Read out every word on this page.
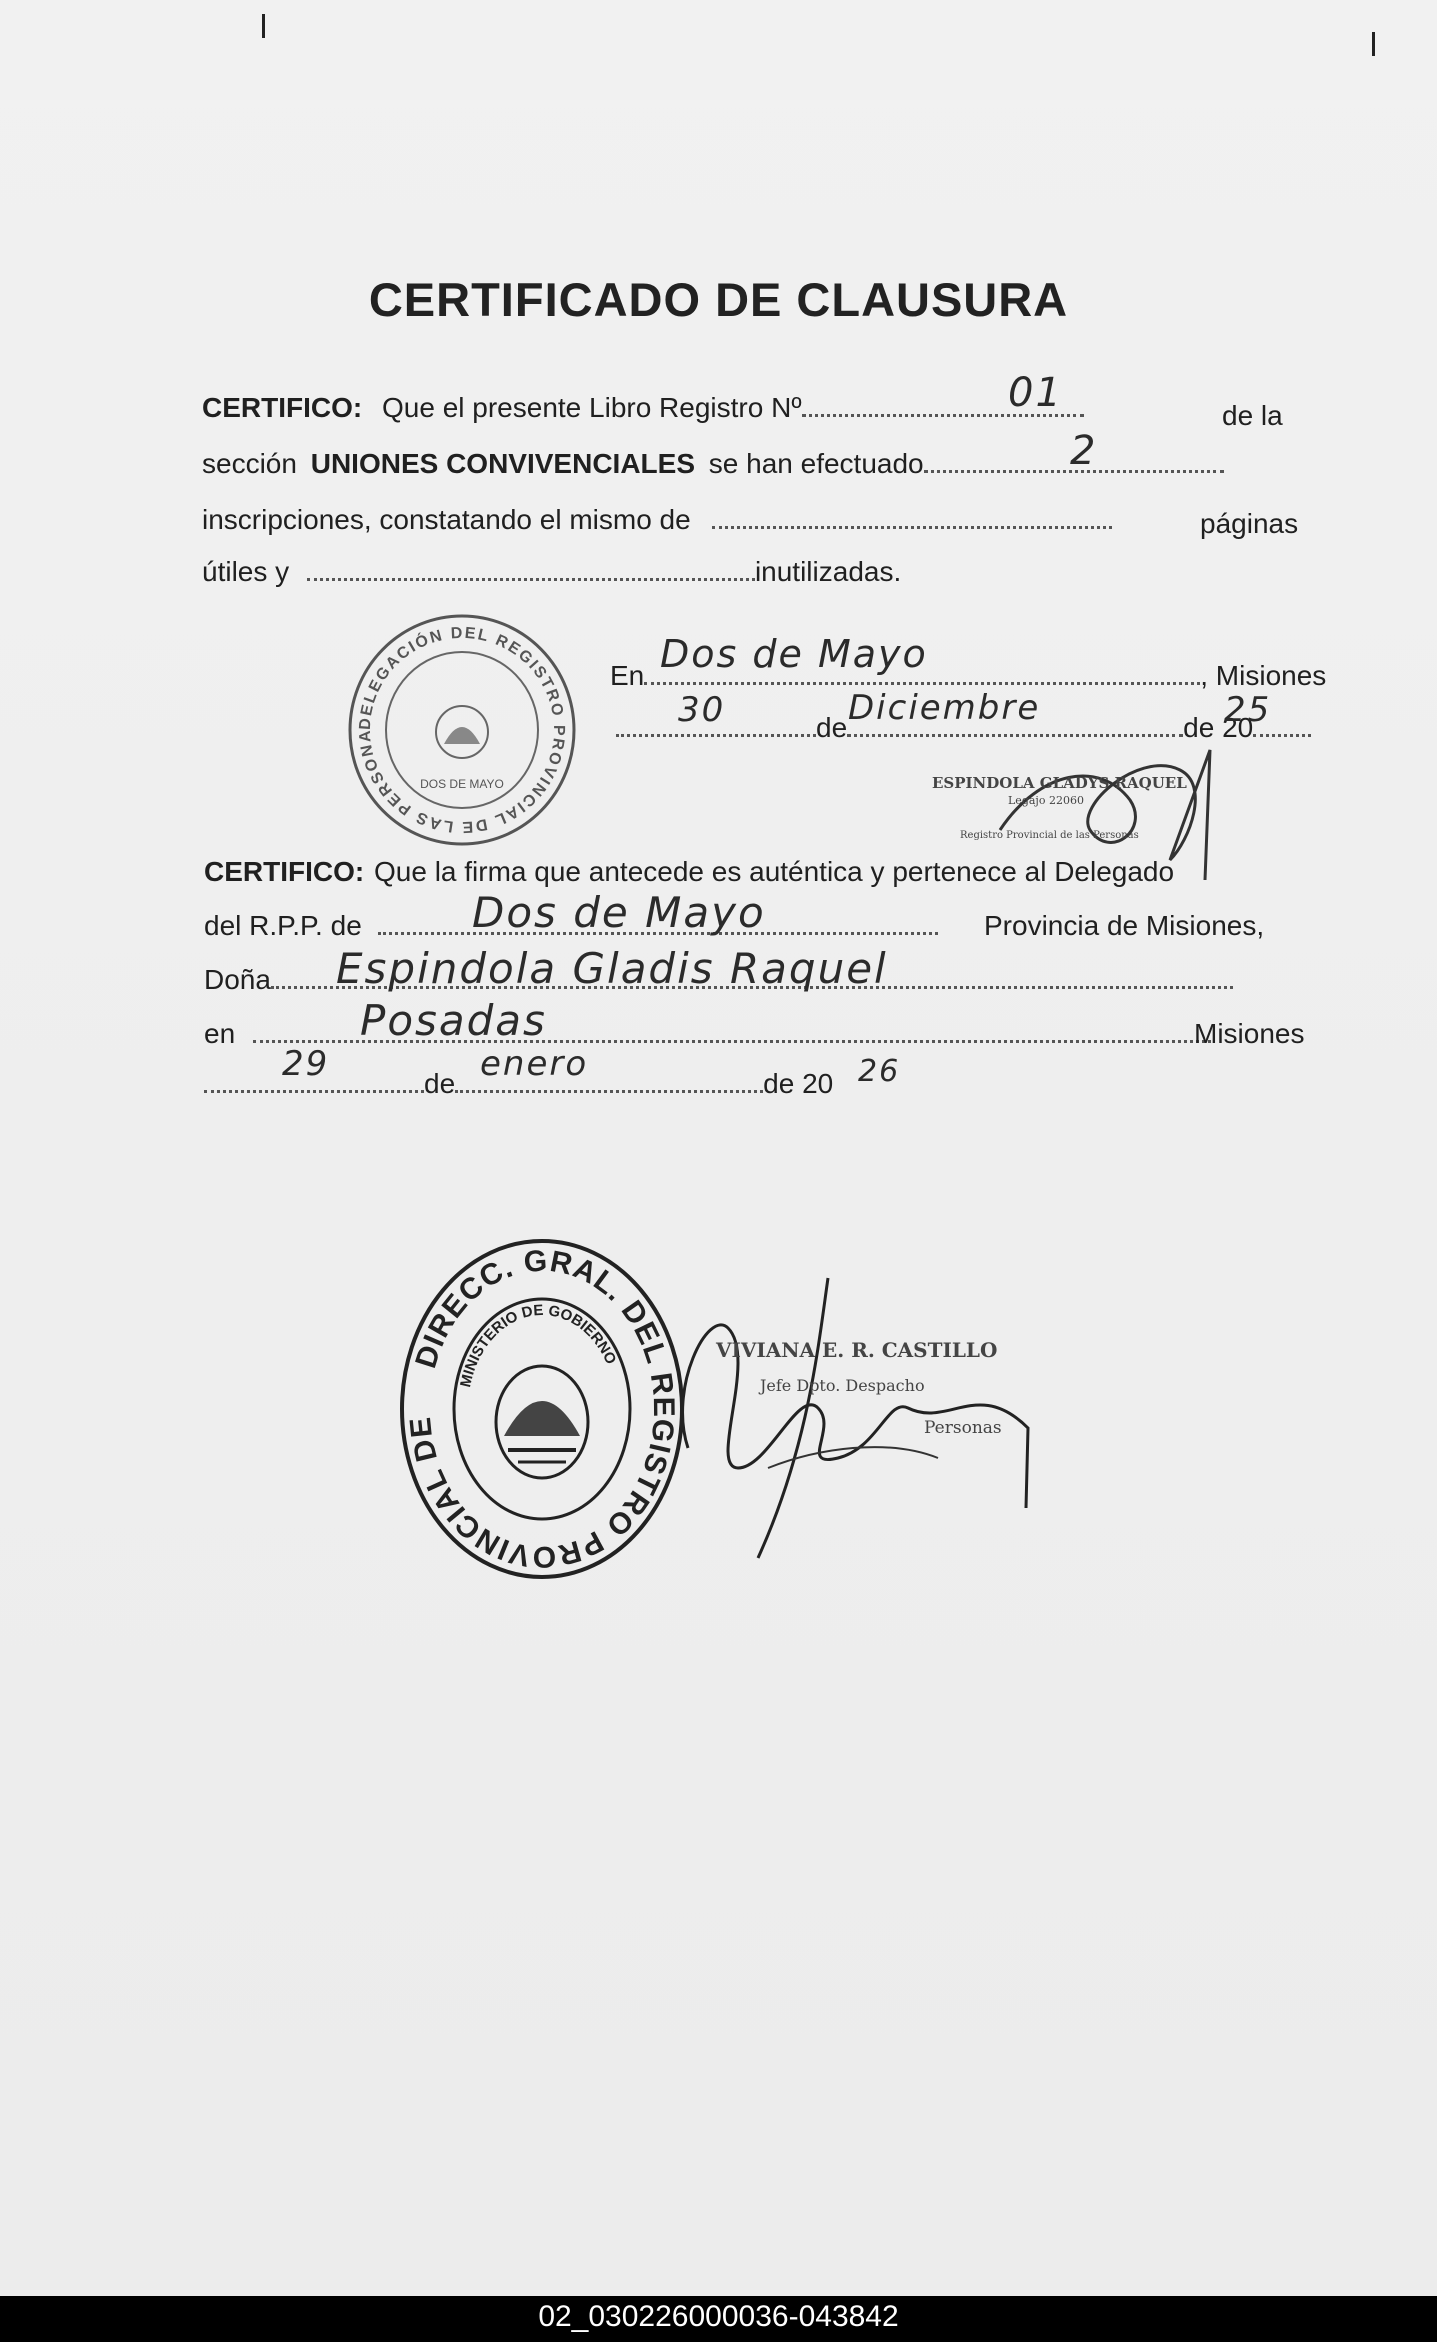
CERTIFICADO DE CLAUSURA
CERTIFICO: Que el presente Libro Registro Nº	de la
01
sección UNIONES CONVIVENCIALES se han efectuado	2
inscripciones, constatando el mismo de	páginas
útiles y	inutilizadas.
En	, Misiones
Dos de Mayo
de	de 20
30	Diciembre	25
DELEGACIÓN DEL REGISTRO PROVINCIAL DE LAS PERSONA
DOS DE MAYO	ESPINDOLA GLADYS RAQUEL
Legajo 22060
Registro Provincial de las Personas
CERTIFICO: Que la firma que antecede es auténtica y pertenece al Delegado
del R.P.P. de	Provincia de Misiones,
Dos de Mayo
Doña	Espindola Gladis Raquel
en	Misiones
Posadas
de	de 20
29	enero	26
DIRECC. GRAL. DEL REGISTRO PROVINCIAL DE
MINISTERIO DE GOBIERNO	VIVIANA E. R. CASTILLO
Jefe Dpto. Despacho
Personas
02_030226000036-043842
